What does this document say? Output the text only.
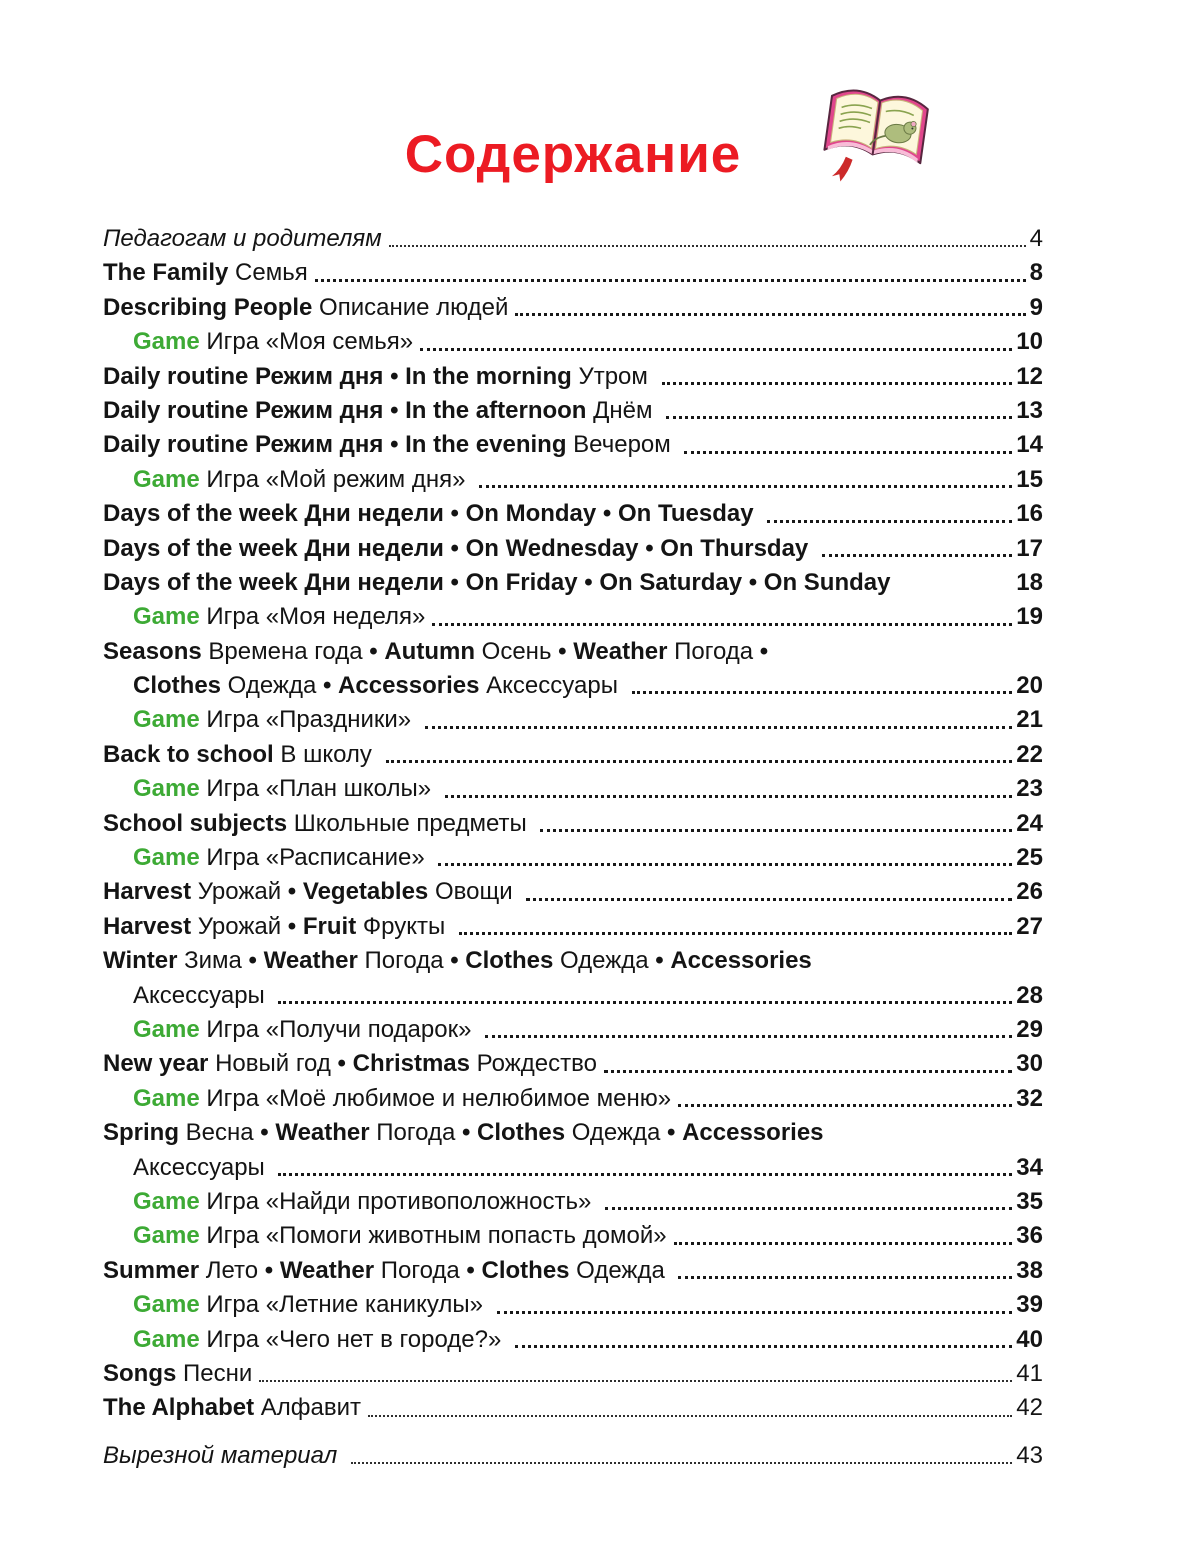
Содержание
Педагогам и родителям	4
The Family Семья	8
Describing People Описание людей	9
Game Игра «Моя семья»	10
Daily routine Режим дня • In the morning Утром	12
Daily routine Режим дня • In the afternoon Днём	13
Daily routine Режим дня • In the evening Вечером	14
Game Игра «Мой режим дня»	15
Days of the week Дни недели • On Monday • On Tuesday	16
Days of the week Дни недели • On Wednesday • On Thursday	17
Days of the week Дни недели • On Friday • On Saturday • On Sunday	18
Game Игра «Моя неделя»	19
Seasons Времена года • Autumn Осень • Weather Погода •
Clothes Одежда • Accessories Аксессуары	20
Game Игра «Праздники»	21
Back to school В школу	22
Game Игра «План школы»	23
School subjects Школьные предметы	24
Game Игра «Расписание»	25
Harvest Урожай • Vegetables Овощи	26
Harvest Урожай • Fruit Фрукты	27
Winter Зима • Weather Погода • Clothes Одежда • Accessories
Аксессуары	28
Game Игра «Получи подарок»	29
New year Новый год • Christmas Рождество	30
Game Игра «Моё любимое и нелюбимое меню»	32
Spring Весна • Weather Погода • Clothes Одежда • Accessories
Аксессуары	34
Game Игра «Найди противоположность»	35
Game Игра «Помоги животным попасть домой»	36
Summer Лето • Weather Погода • Clothes Одежда	38
Game Игра «Летние каникулы»	39
Game Игра «Чего нет в городе?»	40
Songs Песни	41
The Alphabet Алфавит	42
Вырезной материал	43
